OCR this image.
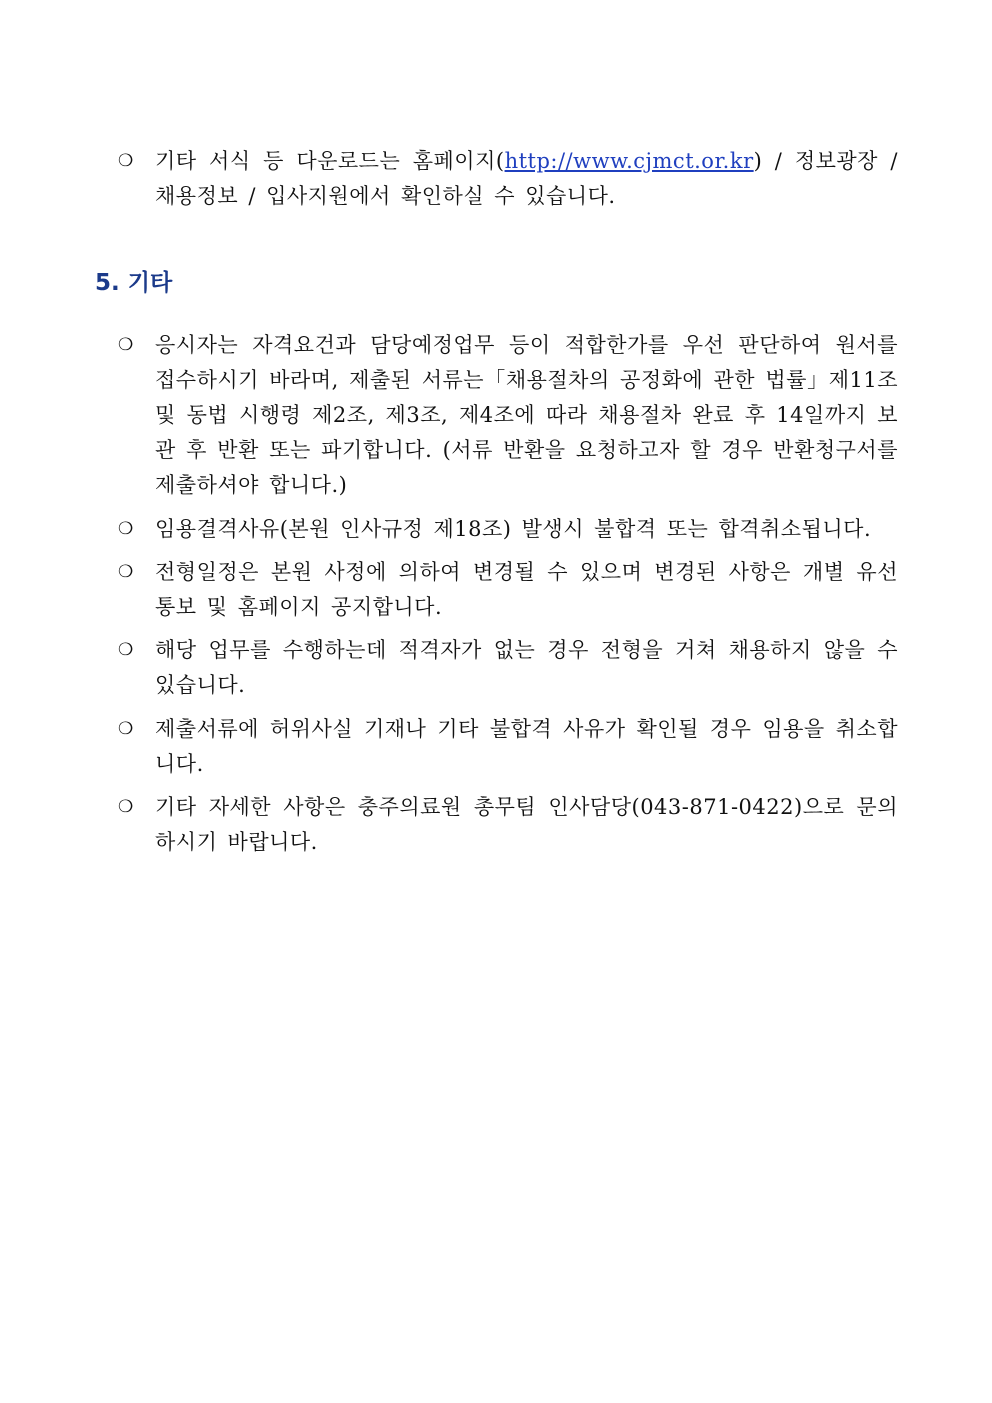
❍	기타 서식 등 다운로드는 홈페이지(http://www.cjmct.or.kr) / 정보광장 / 채용정보 / 입사지원에서 확인하실 수 있습니다.
5. 기타
❍	응시자는 자격요건과 담당예정업무 등이 적합한가를 우선 판단하여 원서를 접수하시기 바라며, 제출된 서류는「채용절차의 공정화에 관한 법률」제11조 및 동법 시행령 제2조, 제3조, 제4조에 따라 채용절차 완료 후 14일까지 보관 후 반환 또는 파기합니다. (서류 반환을 요청하고자 할 경우 반환청구서를 제출하셔야 합니다.)
❍	임용결격사유(본원 인사규정 제18조) 발생시 불합격 또는 합격취소됩니다.
❍	전형일정은 본원 사정에 의하여 변경될 수 있으며 변경된 사항은 개별 유선통보 및 홈페이지 공지합니다.
❍	해당 업무를 수행하는데 적격자가 없는 경우 전형을 거쳐 채용하지 않을 수 있습니다.
❍	제출서류에 허위사실 기재나 기타 불합격 사유가 확인될 경우 임용을 취소합니다.
❍	기타 자세한 사항은 충주의료원 총무팀 인사담당(043-871-0422)으로 문의하시기 바랍니다.
